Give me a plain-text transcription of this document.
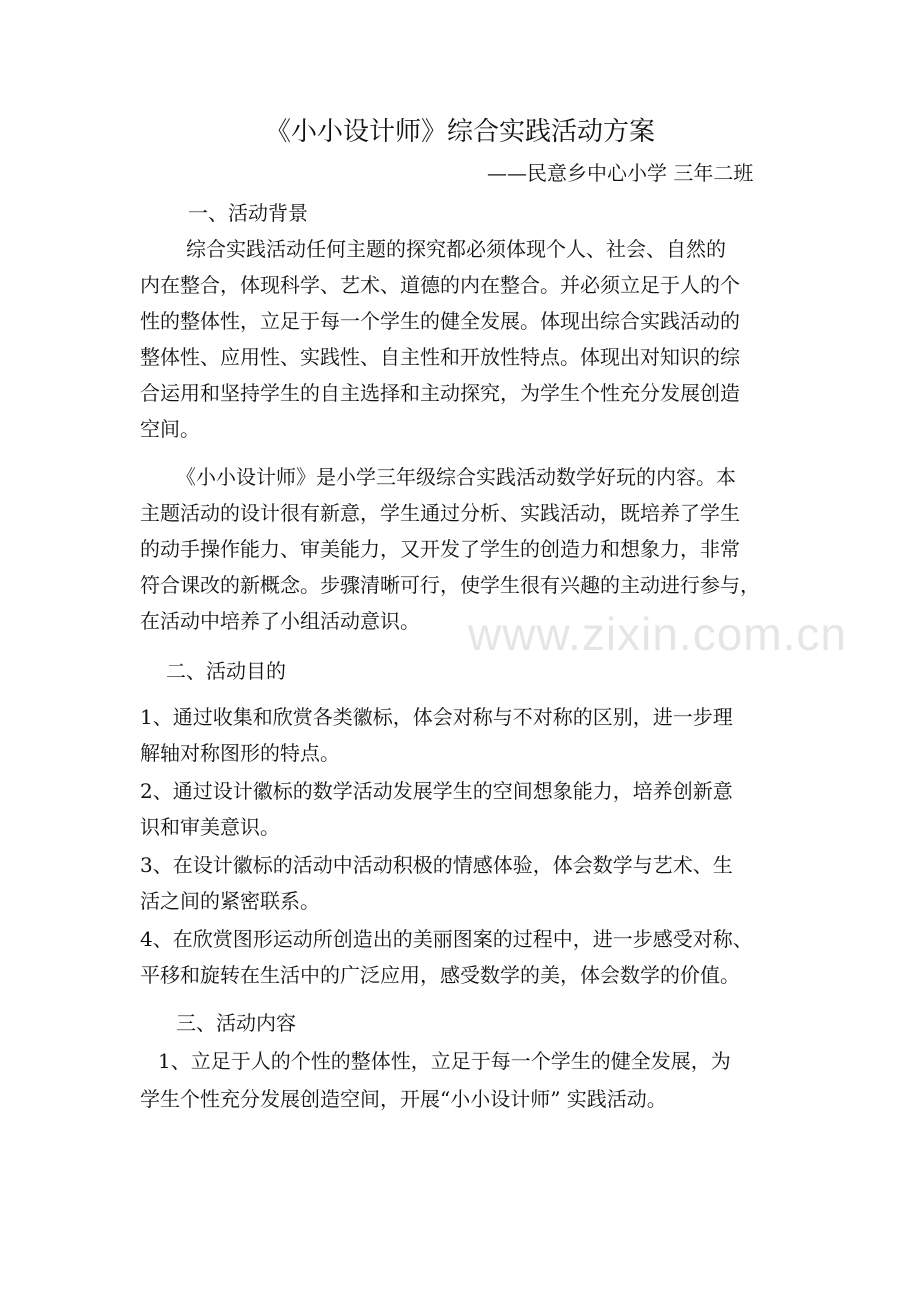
《小小设计师》综合实践活动方案
——民意乡中心小学 三年二班
一、活动背景
综合实践活动任何主题的探究都必须体现个人、社会、自然的
内在整合，体现科学、艺术、道德的内在整合。并必须立足于人的个
性的整体性，立足于每一个学生的健全发展。体现出综合实践活动的
整体性、应用性、实践性、自主性和开放性特点。体现出对知识的综
合运用和坚持学生的自主选择和主动探究，为学生个性充分发展创造
空间。
《小小设计师》是小学三年级综合实践活动数学好玩的内容。本
主题活动的设计很有新意，学生通过分析、实践活动，既培养了学生
的动手操作能力、审美能力，又开发了学生的创造力和想象力，非常
符合课改的新概念。步骤清晰可行，使学生很有兴趣的主动进行参与，
在活动中培养了小组活动意识。
二、活动目的
1、通过收集和欣赏各类徽标，体会对称与不对称的区别，进一步理
解轴对称图形的特点。
2、通过设计徽标的数学活动发展学生的空间想象能力，培养创新意
识和审美意识。
3、在设计徽标的活动中活动积极的情感体验，体会数学与艺术、生
活之间的紧密联系。
4、在欣赏图形运动所创造出的美丽图案的过程中，进一步感受对称、
平移和旋转在生活中的广泛应用，感受数学的美，体会数学的价值。
三、活动内容
1、立足于人的个性的整体性，立足于每一个学生的健全发展，为
学生个性充分发展创造空间，开展“小小设计师” 实践活动。
www.zixin.com.cn
